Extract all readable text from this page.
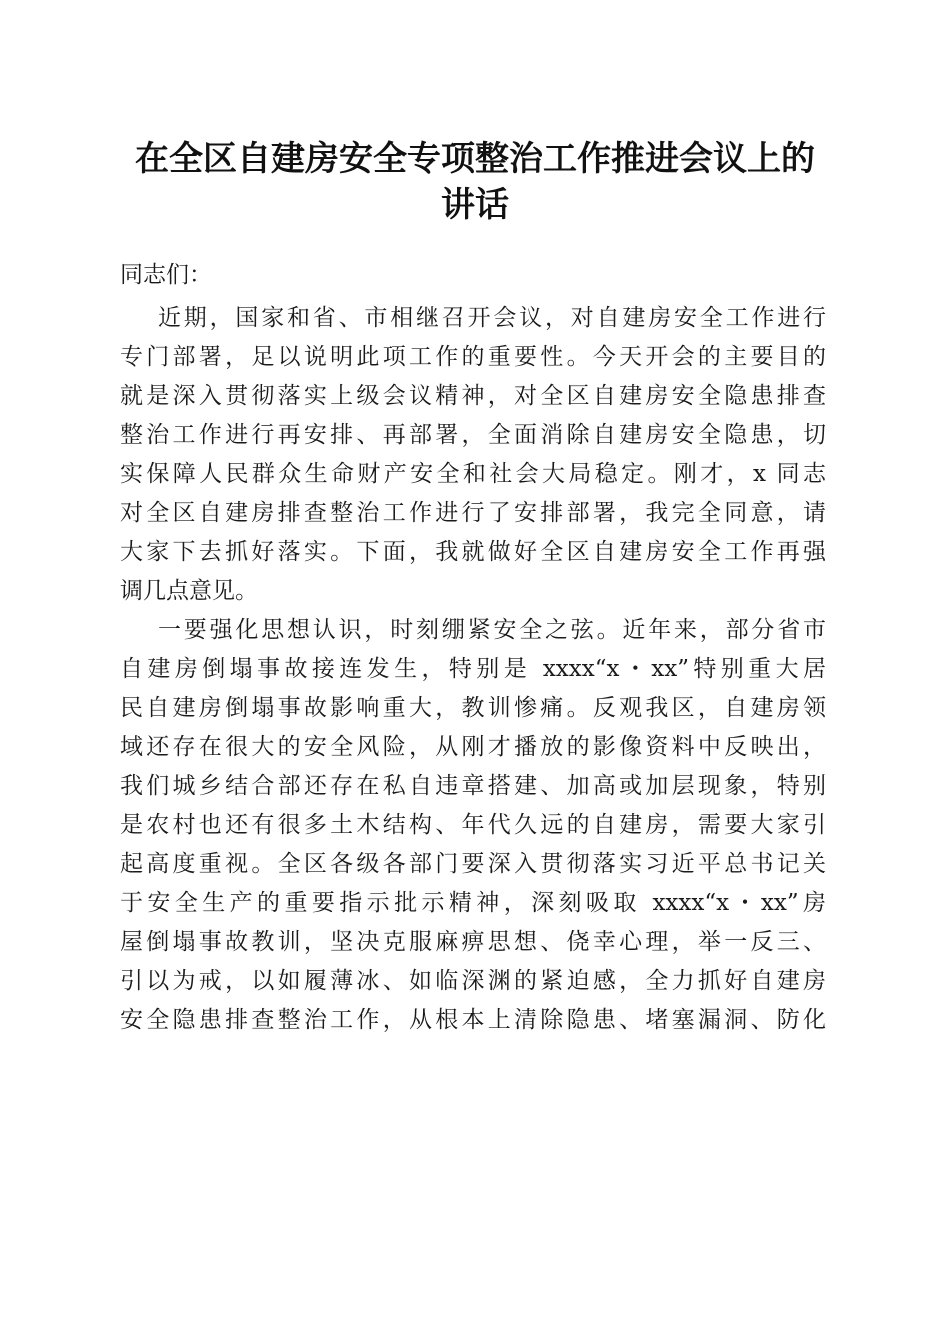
在全区自建房安全专项整治工作推进会议上的
讲话
同志们：
近期，国家和省、市相继召开会议，对自建房安全工作进行
专门部署，足以说明此项工作的重要性。今天开会的主要目的
就是深入贯彻落实上级会议精神，对全区自建房安全隐患排查
整治工作进行再安排、再部署，全面消除自建房安全隐患，切
实保障人民群众生命财产安全和社会大局稳定。刚才，x 同志
对全区自建房排查整治工作进行了安排部署，我完全同意，请
大家下去抓好落实。下面，我就做好全区自建房安全工作再强
调几点意见。
一要强化思想认识，时刻绷紧安全之弦。近年来，部分省市
自建房倒塌事故接连发生，特别是 xxxx“x・xx”特别重大居
民自建房倒塌事故影响重大，教训惨痛。反观我区，自建房领
域还存在很大的安全风险，从刚才播放的影像资料中反映出，
我们城乡结合部还存在私自违章搭建、加高或加层现象，特别
是农村也还有很多土木结构、年代久远的自建房，需要大家引
起高度重视。全区各级各部门要深入贯彻落实习近平总书记关
于安全生产的重要指示批示精神，深刻吸取 xxxx“x・xx”房
屋倒塌事故教训，坚决克服麻痹思想、侥幸心理，举一反三、
引以为戒，以如履薄冰、如临深渊的紧迫感，全力抓好自建房
安全隐患排查整治工作，从根本上清除隐患、堵塞漏洞、防化
